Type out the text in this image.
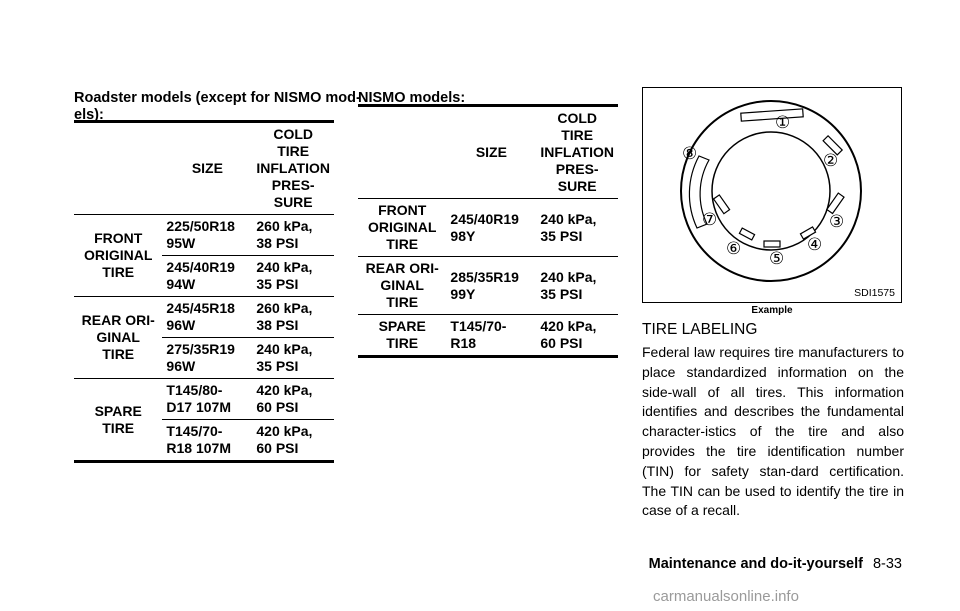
Roadster models (except for NISMO mod-
els):

	SIZE	COLD TIRE
INFLATION
PRES-
SURE
FRONT
ORIGINAL
TIRE	225/50R18
95W	260 kPa,
38 PSI
	245/40R19
94W	240 kPa,
35 PSI
REAR ORI-
GINAL
TIRE	245/45R18
96W	260 kPa,
38 PSI
	275/35R19
96W	240 kPa,
35 PSI
SPARE
TIRE	T145/80-
D17 107M	420 kPa,
60 PSI
	T145/70-
R18 107M	420 kPa,
60 PSI

NISMO models:

	SIZE	COLD TIRE
INFLATION
PRES-
SURE
FRONT
ORIGINAL
TIRE	245/40R19
98Y	240 kPa,
35 PSI
REAR ORI-
GINAL
TIRE	285/35R19
99Y	240 kPa,
35 PSI
SPARE
TIRE	T145/70-
R18	420 kPa,
60 PSI
①
②
③
④
⑤
⑥
⑦
⑧
SDI1575
Example
TIRE LABELING

Federal law requires tire manufacturers to place standardized information on the side-wall of all tires. This information identifies and describes the fundamental character-istics of the tire and also provides the tire identification number (TIN) for safety stan-dard certification. The TIN can be used to identify the tire in case of a recall.

Maintenance and do-it-yourself 8-33
carmanualsonline.info
